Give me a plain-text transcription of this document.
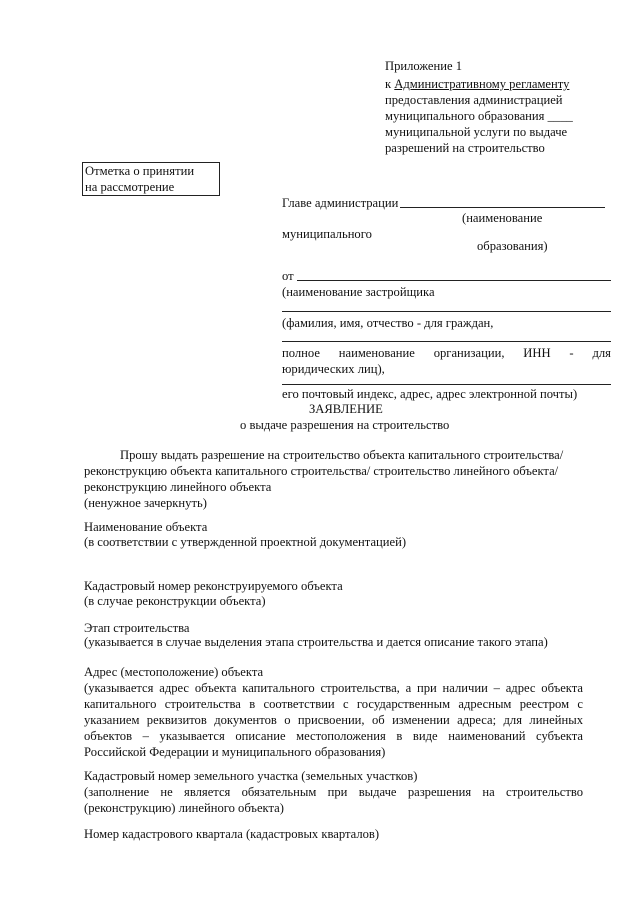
Приложение 1
к Административному регламенту
предоставления администрацией
муниципального образования ____
муниципальной услуги по выдаче
разрешений на строительство
Отметка о принятии
на рассмотрение
Главе администрации
(наименование
муниципального
образования)
от
(наименование застройщика
(фамилия, имя, отчество - для граждан,
полное наименование организации, ИНН - для
юридических лиц),
его почтовый индекс, адрес, адрес электронной почты)
ЗАЯВЛЕНИЕ
о выдаче разрешения на строительство
Прошу выдать разрешение на строительство объекта капитального строительства/
реконструкцию объекта капитального строительства/ строительство линейного объекта/
реконструкцию линейного объекта
(ненужное зачеркнуть)
Наименование объекта
(в соответствии с утвержденной проектной документацией)
Кадастровый номер реконструируемого объекта
(в случае реконструкции объекта)
Этап строительства
(указывается в случае выделения этапа строительства и дается описание такого этапа)
Адрес (местоположение) объекта
(указывается адрес объекта капитального строительства, а при наличии – адрес объекта капитального строительства в соответствии с государственным адресным реестром с указанием реквизитов документов о присвоении, об изменении адреса; для линейных объектов – указывается описание местоположения в виде наименований субъекта Российской Федерации и муниципального образования)
Кадастровый номер земельного участка (земельных участков)
(заполнение не является обязательным при выдаче разрешения на строительство (реконструкцию) линейного объекта)
Номер кадастрового квартала (кадастровых кварталов)
